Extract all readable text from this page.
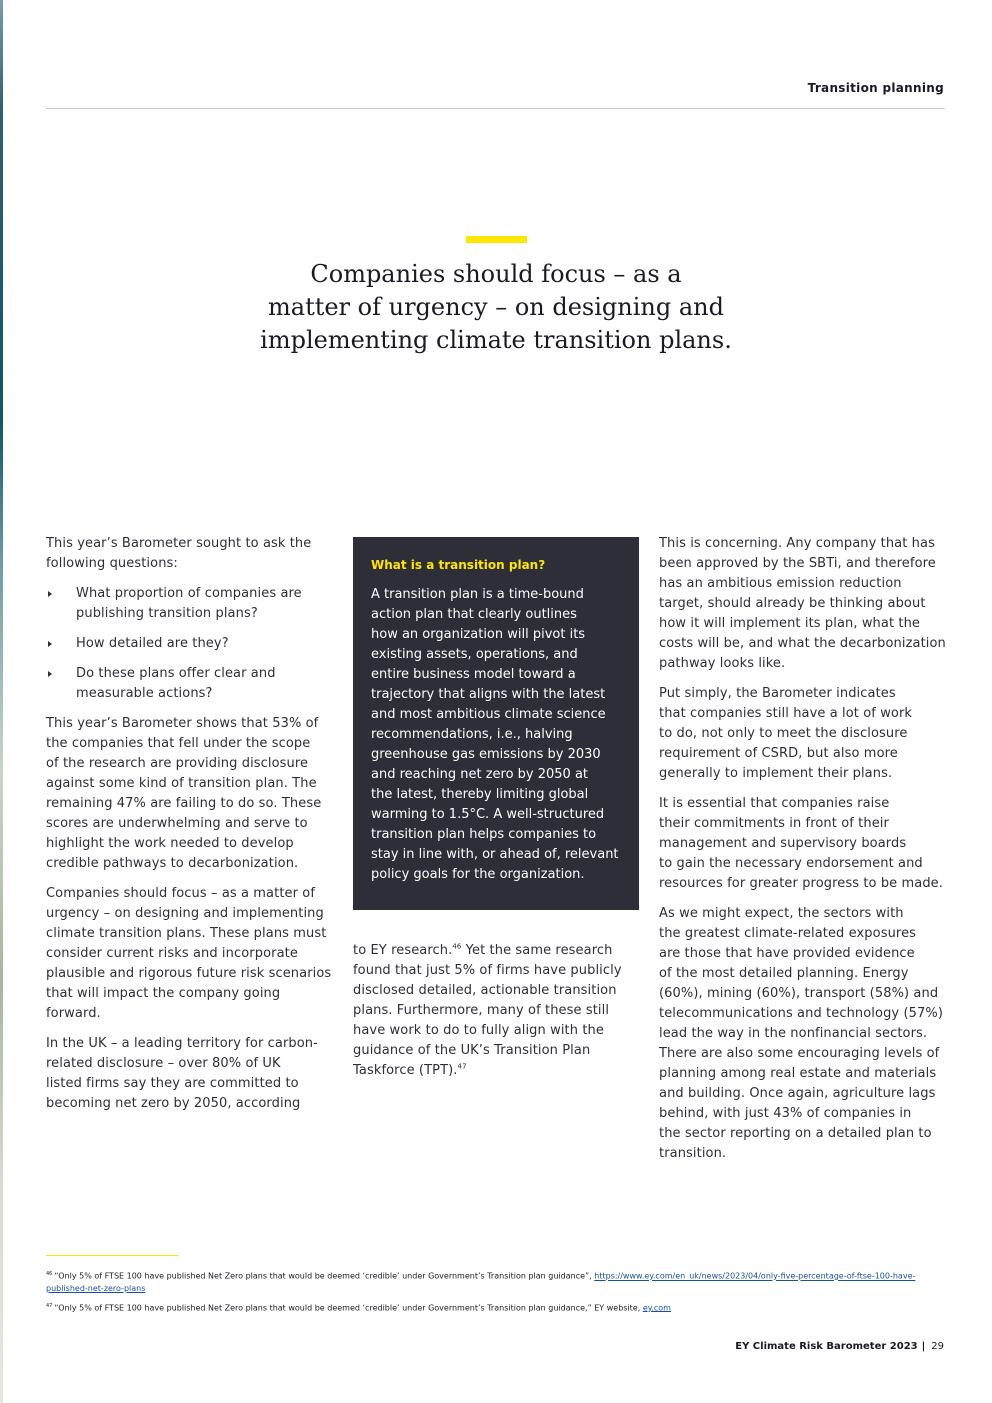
Transition planning
Companies should focus – as a
matter of urgency – on designing and
implementing climate transition plans.

This year’s Barometer sought to ask the
following questions:

What proportion of companies are
publishing transition plans?
How detailed are they?
Do these plans offer clear and
measurable actions?

This year’s Barometer shows that 53% of
the companies that fell under the scope
of the research are providing disclosure
against some kind of transition plan. The
remaining 47% are failing to do so. These
scores are underwhelming and serve to
highlight the work needed to develop
credible pathways to decarbonization.

Companies should focus – as a matter of
urgency – on designing and implementing
climate transition plans. These plans must
consider current risks and incorporate
plausible and rigorous future risk scenarios
that will impact the company going
forward.

In the UK – a leading territory for carbon-
related disclosure – over 80% of UK
listed firms say they are committed to
becoming net zero by 2050, according

What is a transition plan?
A transition plan is a time-bound
action plan that clearly outlines
how an organization will pivot its
existing assets, operations, and
entire business model toward a
trajectory that aligns with the latest
and most ambitious climate science
recommendations, i.e., halving
greenhouse gas emissions by 2030
and reaching net zero by 2050 at
the latest, thereby limiting global
warming to 1.5°C. A well-structured
transition plan helps companies to
stay in line with, or ahead of, relevant
policy goals for the organization.

to EY research.$^{46}$ Yet the same research
found that just 5% of firms have publicly
disclosed detailed, actionable transition
plans. Furthermore, many of these still
have work to do to fully align with the
guidance of the UK’s Transition Plan
Taskforce (TPT).$^{47}$

This is concerning. Any company that has
been approved by the SBTi, and therefore
has an ambitious emission reduction
target, should already be thinking about
how it will implement its plan, what the
costs will be, and what the decarbonization
pathway looks like.

Put simply, the Barometer indicates
that companies still have a lot of work
to do, not only to meet the disclosure
requirement of CSRD, but also more
generally to implement their plans.

It is essential that companies raise
their commitments in front of their
management and supervisory boards
to gain the necessary endorsement and
resources for greater progress to be made.

As we might expect, the sectors with
the greatest climate-related exposures
are those that have provided evidence
of the most detailed planning. Energy
(60%), mining (60%), transport (58%) and
telecommunications and technology (57%)
lead the way in the nonfinancial sectors.
There are also some encouraging levels of
planning among real estate and materials
and building. Once again, agriculture lags
behind, with just 43% of companies in
the sector reporting on a detailed plan to
transition.

$^{46}$ “Only 5% of FTSE 100 have published Net Zero plans that would be deemed ‘credible’ under Government’s Transition plan guidance”, https://www.ey.com/en_uk/news/2023/04/only-five-percentage-of-ftse-100-have-published-net-zero-plans
$^{47}$ “Only 5% of FTSE 100 have published Net Zero plans that would be deemed ‘credible’ under Government’s Transition plan guidance,” EY website, ey.com
EY Climate Risk Barometer 2023 | 29
